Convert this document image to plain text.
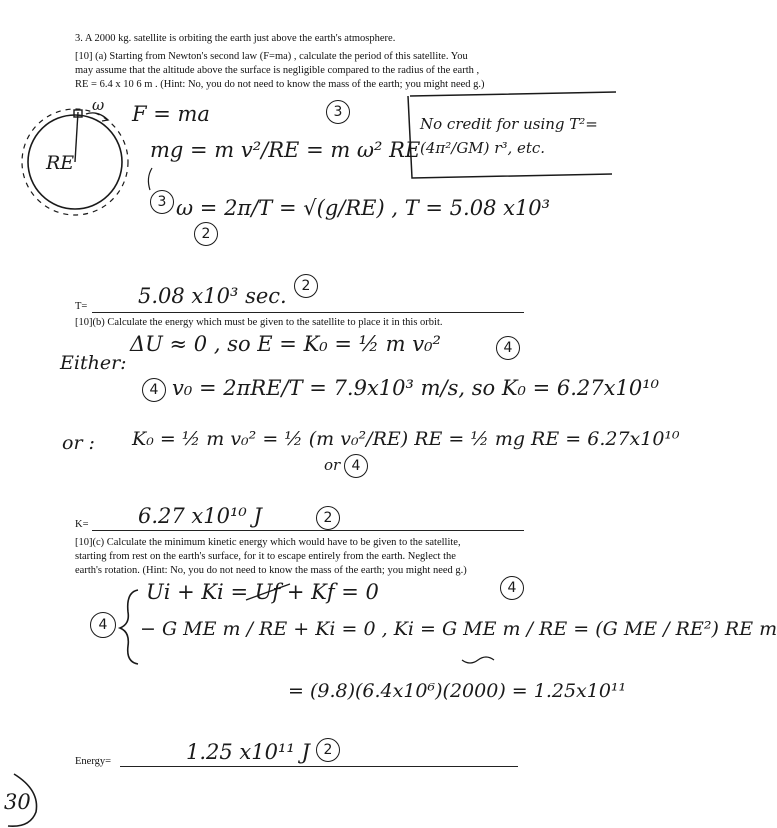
3. A 2000 kg. satellite is orbiting the earth just above the earth's atmosphere.
[10] (a) Starting from Newton's second law (F=ma) , calculate the period of this satellite. You
may assume that the altitude above the surface is negligible compared to the radius of the earth ,
RE = 6.4 x 10 6 m . (Hint: No, you do not need to know the mass of the earth; you might need g.)
T=
[10](b) Calculate the energy which must be given to the satellite to place it in this orbit.
K=
[10](c) Calculate the minimum kinetic energy which would have to be given to the satellite,
starting from rest on the earth's surface, for it to escape entirely from the earth. Neglect the
earth's rotation. (Hint: No, you do not need to know the mass of the earth; you might need g.)
Energy=
ω
RE
F = ma
mg = m v²/RE = m ω² RE
ω = 2π/T = √(g/RE) , T = 5.08 x10³
No credit for using T²=(4π²/GM) r³, etc.
3
3
2
5.08 x10³ sec.	2
Either:
ΔU ≈ 0 , so E = K₀ = ½ m v₀²	4
4 v₀ = 2πRE/T = 7.9x10³ m/s, so K₀ = 6.27x10¹⁰
or : K₀ = ½ m v₀² = ½ (m v₀²/RE) RE = ½ mg RE = 6.27x10¹⁰
or 4
6.27 x10¹⁰ J	2
4
Ui + Ki = Uf + Kf = 0	4
− G ME m / RE + Ki = 0 , Ki = G ME m / RE = (G ME / RE²) RE m
= (9.8)(6.4x10⁶)(2000) = 1.25x10¹¹
1.25 x10¹¹ J 2
30
